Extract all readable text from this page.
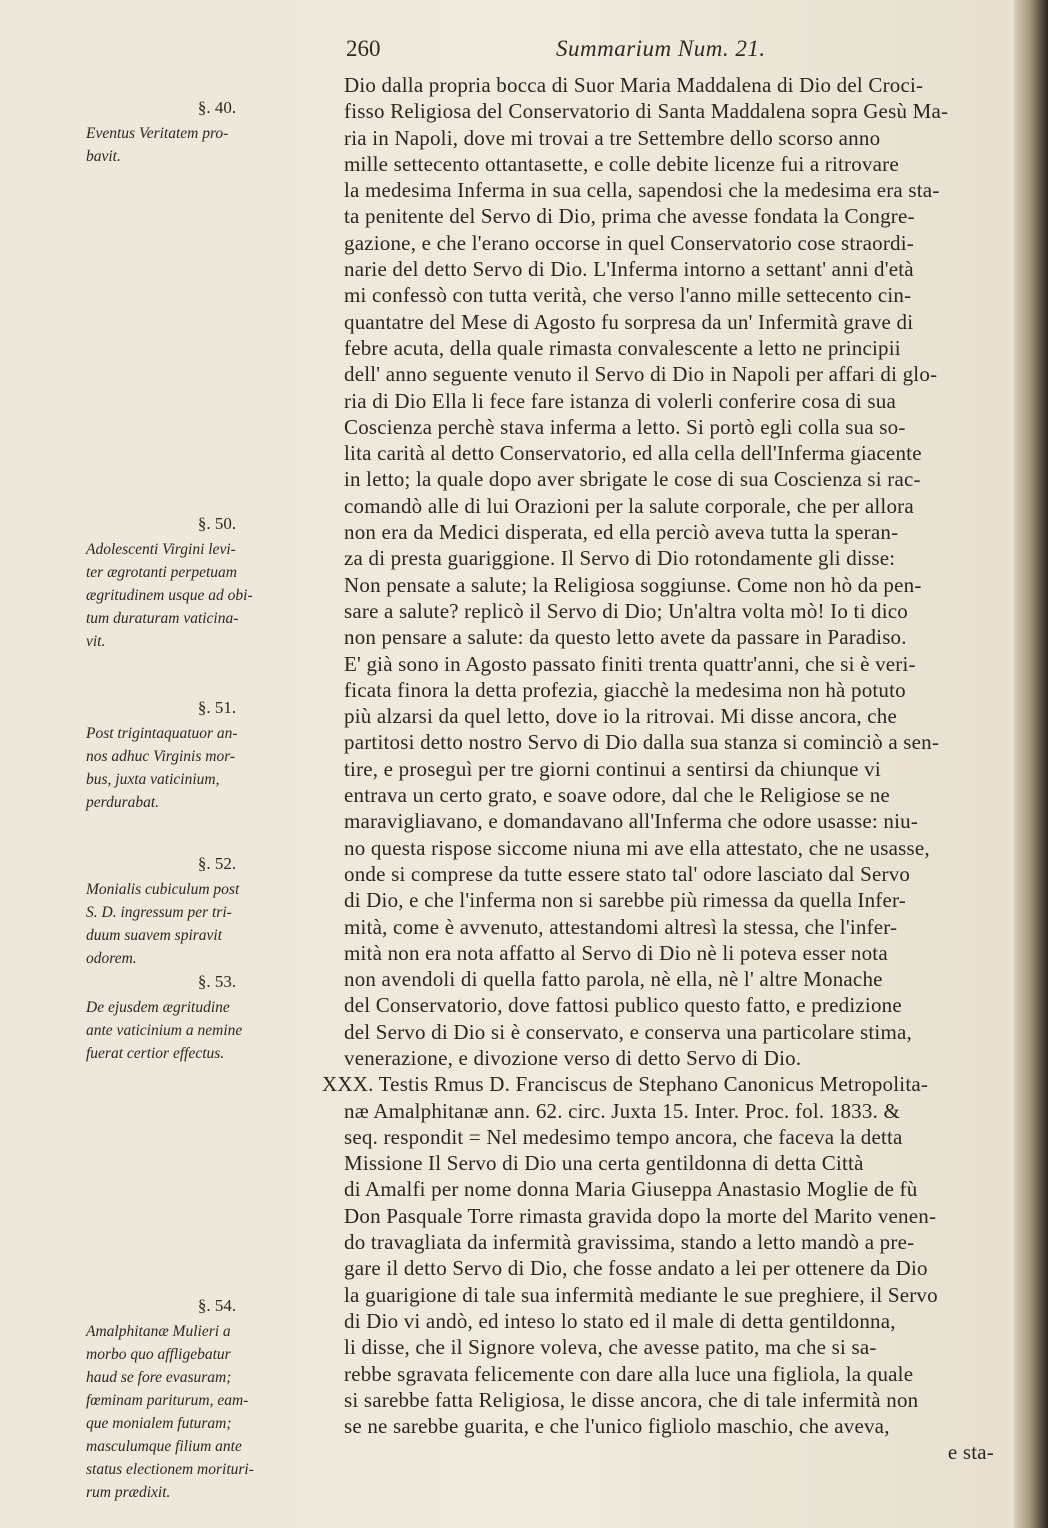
260	Summarium Num. 21.
§. 40.
Eventus Veritatem pro-
bavit.
§. 50.
Adolescenti Virgini levi-
ter ægrotanti perpetuam
ægritudinem usque ad obi-
tum duraturam vaticina-
vit.
§. 51.
Post trigintaquatuor an-
nos adhuc Virginis mor-
bus, juxta vaticinium,
perdurabat.
§. 52.
Monialis cubiculum post
S. D. ingressum per tri-
duum suavem spiravit
odorem.
§. 53.
De ejusdem ægritudine
ante vaticinium a nemine
fuerat certior effectus.
§. 54.
Amalphitanæ Mulieri a
morbo quo affligebatur
haud se fore evasuram;
fœminam pariturum, eam-
que monialem futuram;
masculumque filium ante
status electionem morituri-
rum prædixit.
Dio dalla propria bocca di Suor Maria Maddalena di Dio del Croci-
fisso Religiosa del Conservatorio di Santa Maddalena sopra Gesù Ma-
ria in Napoli, dove mi trovai a tre Settembre dello scorso anno
mille settecento ottantasette, e colle debite licenze fui a ritrovare
la medesima Inferma in sua cella, sapendosi che la medesima era sta-
ta penitente del Servo di Dio, prima che avesse fondata la Congre-
gazione, e che l'erano occorse in quel Conservatorio cose straordi-
narie del detto Servo di Dio. L'Inferma intorno a settant' anni d'età
mi confessò con tutta verità, che verso l'anno mille settecento cin-
quantatre del Mese di Agosto fu sorpresa da un' Infermità grave di
febre acuta, della quale rimasta convalescente a letto ne principii
dell' anno seguente venuto il Servo di Dio in Napoli per affari di glo-
ria di Dio Ella li fece fare istanza di volerli conferire cosa di sua
Coscienza perchè stava inferma a letto. Si portò egli colla sua so-
lita carità al detto Conservatorio, ed alla cella dell'Inferma giacente
in letto; la quale dopo aver sbrigate le cose di sua Coscienza si rac-
comandò alle di lui Orazioni per la salute corporale, che per allora
non era da Medici disperata, ed ella perciò aveva tutta la speran-
za di presta guariggione. Il Servo di Dio rotondamente gli disse:
Non pensate a salute; la Religiosa soggiunse. Come non hò da pen-
sare a salute? replicò il Servo di Dio; Un'altra volta mò! Io ti dico
non pensare a salute: da questo letto avete da passare in Paradiso.
E' già sono in Agosto passato finiti trenta quattr'anni, che si è veri-
ficata finora la detta profezia, giacchè la medesima non hà potuto
più alzarsi da quel letto, dove io la ritrovai. Mi disse ancora, che
partitosi detto nostro Servo di Dio dalla sua stanza si cominciò a sen-
tire, e proseguì per tre giorni continui a sentirsi da chiunque vi
entrava un certo grato, e soave odore, dal che le Religiose se ne
maravigliavano, e domandavano all'Inferma che odore usasse: niu-
no questa rispose siccome niuna mi ave ella attestato, che ne usasse,
onde si comprese da tutte essere stato tal' odore lasciato dal Servo
di Dio, e che l'inferma non si sarebbe più rimessa da quella Infer-
mità, come è avvenuto, attestandomi altresì la stessa, che l'infer-
mità non era nota affatto al Servo di Dio nè li poteva esser nota
non avendoli di quella fatto parola, nè ella, nè l' altre Monache
del Conservatorio, dove fattosi publico questo fatto, e predizione
del Servo di Dio si è conservato, e conserva una particolare stima,
venerazione, e divozione verso di detto Servo di Dio.
XXX. Testis Rmus D. Franciscus de Stephano Canonicus Metropolita-
næ Amalphitanæ ann. 62. circ. Juxta 15. Inter. Proc. fol. 1833. &
seq. respondit = Nel medesimo tempo ancora, che faceva la detta
Missione Il Servo di Dio una certa gentildonna di detta Città
di Amalfi per nome donna Maria Giuseppa Anastasio Moglie de fù
Don Pasquale Torre rimasta gravida dopo la morte del Marito venen-
do travagliata da infermità gravissima, stando a letto mandò a pre-
gare il detto Servo di Dio, che fosse andato a lei per ottenere da Dio
la guarigione di tale sua infermità mediante le sue preghiere, il Servo
di Dio vi andò, ed inteso lo stato ed il male di detta gentildonna,
li disse, che il Signore voleva, che avesse patito, ma che si sa-
rebbe sgravata felicemente con dare alla luce una figliola, la quale
si sarebbe fatta Religiosa, le disse ancora, che di tale infermità non
se ne sarebbe guarita, e che l'unico figliolo maschio, che aveva,
e sta-
